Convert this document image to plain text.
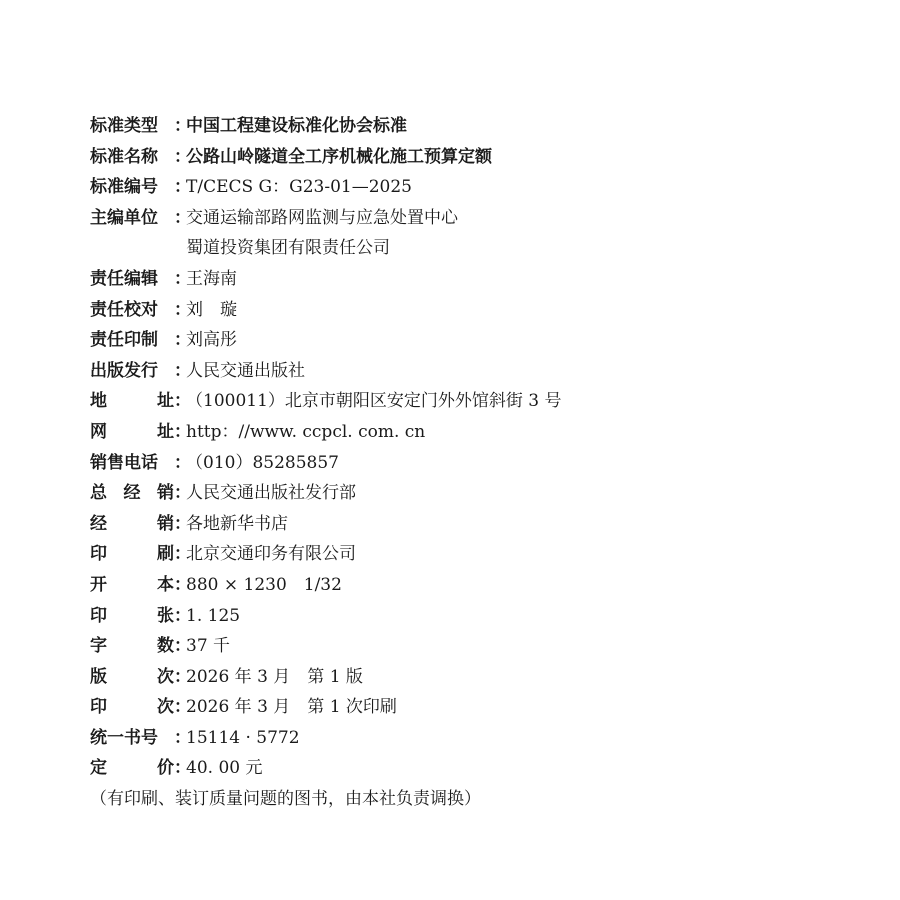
标准类型 ：
中国工程建设标准化协会标准
标准名称 ：
公路山岭隧道全工序机械化施工预算定额
标准编号 ：
T/CECS G：G23-01—2025
主编单位 ：
交通运输部路网监测与应急处置中心
蜀道投资集团有限责任公司
责任编辑 ：
王海南
责任校对 ：
刘　璇
责任印制 ：
刘高彤
出版发行 ：
人民交通出版社
地址 ：
（100011）北京市朝阳区安定门外外馆斜街 3 号
网址 ：
http：//www. ccpcl. com. cn
销售电话 ：
（010）85285857
总经销 ：
人民交通出版社发行部
经销 ：
各地新华书店
印刷 ：
北京交通印务有限公司
开本 ：
880 × 1230　1/32
印张 ：
1. 125
字数 ：
37 千
版次 ：
2026 年 3 月　第 1 版
印次 ：
2026 年 3 月　第 1 次印刷
统一书号 ：
15114 · 5772
定价 ：
40. 00 元
（有印刷、装订质量问题的图书，由本社负责调换）
